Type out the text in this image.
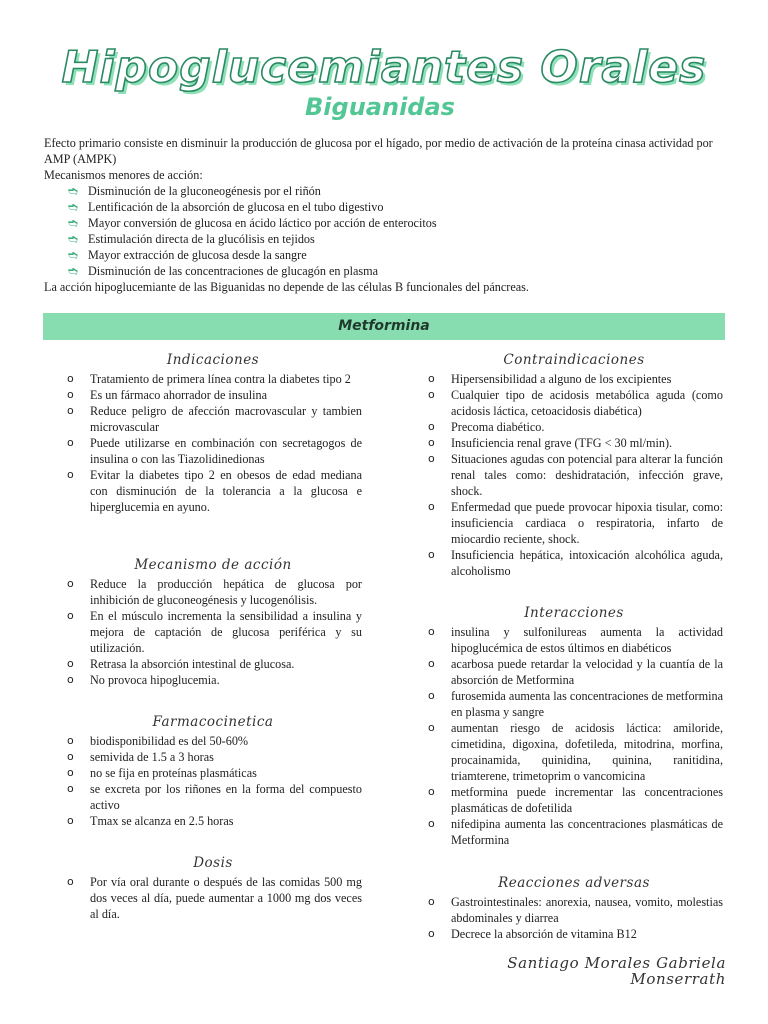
Hipoglucemiantes Orales
Biguanidas

Efecto primario consiste en disminuir la producción de glucosa por el hígado, por medio de activación de la proteína cinasa actividad por AMP (AMPK)

Mecanismos menores de acción:

➬ Disminución de la gluconeogénesis por el riñón
➬ Lentificación de la absorción de glucosa en el tubo digestivo
➬ Mayor conversión de glucosa en ácido láctico por acción de enterocitos
➬ Estimulación directa de la glucólisis en tejidos
➬ Mayor extracción de glucosa desde la sangre
➬ Disminución de las concentraciones de glucagón en plasma

La acción hipoglucemiante de las Biguanidas no depende de las células B funcionales del páncreas.

Metformina
Indicaciones
o Tratamiento de primera línea contra la diabetes tipo 2
o Es un fármaco ahorrador de insulina
o Reduce peligro de afección macrovascular y tambien microvascular
o Puede utilizarse en combinación con secretagogos de insulina o con las Tiazolidinedionas
o Evitar la diabetes tipo 2 en obesos de edad mediana con disminución de la tolerancia a la glucosa e hiperglucemia en ayuno.
Mecanismo de acción
o Reduce la producción hepática de glucosa por inhibición de gluconeogénesis y lucogenólisis.
o En el músculo incrementa la sensibilidad a insulina y mejora de captación de glucosa periférica y su utilización.
o Retrasa la absorción intestinal de glucosa.
o No provoca hipoglucemia.
Farmacocinetica
o biodisponibilidad es del 50-60%
o semivida de 1.5 a 3 horas
o no se fija en proteínas plasmáticas
o se excreta por los riñones en la forma del compuesto activo
o Tmax se alcanza en 2.5 horas
Dosis
o Por vía oral durante o después de las comidas 500 mg dos veces al día, puede aumentar a 1000 mg dos veces al día.
Contraindicaciones
o Hipersensibilidad a alguno de los excipientes
o Cualquier tipo de acidosis metabólica aguda (como acidosis láctica, cetoacidosis diabética)
o Precoma diabético.
o Insuficiencia renal grave (TFG < 30 ml/min).
o Situaciones agudas con potencial para alterar la función renal tales como: deshidratación, infección grave, shock.
o Enfermedad que puede provocar hipoxia tisular, como: insuficiencia cardiaca o respiratoria, infarto de miocardio reciente, shock.
o Insuficiencia hepática, intoxicación alcohólica aguda, alcoholismo
Interacciones
o insulina y sulfonilureas aumenta la actividad hipoglucémica de estos últimos en diabéticos
o acarbosa puede retardar la velocidad y la cuantía de la absorción de Metformina
o furosemida aumenta las concentraciones de metformina en plasma y sangre
o aumentan riesgo de acidosis láctica: amiloride, cimetidina, digoxina, dofetileda, mitodrina, morfina, procainamida, quinidina, quinina, ranitidina, triamterene, trimetoprim o vancomicina
o metformina puede incrementar las concentraciones plasmáticas de dofetilida
o nifedipina aumenta las concentraciones plasmáticas de Metformina
Reacciones adversas
o Gastrointestinales: anorexia, nausea, vomito, molestias abdominales y diarrea
o Decrece la absorción de vitamina B12
Santiago Morales Gabriela Monserrath
